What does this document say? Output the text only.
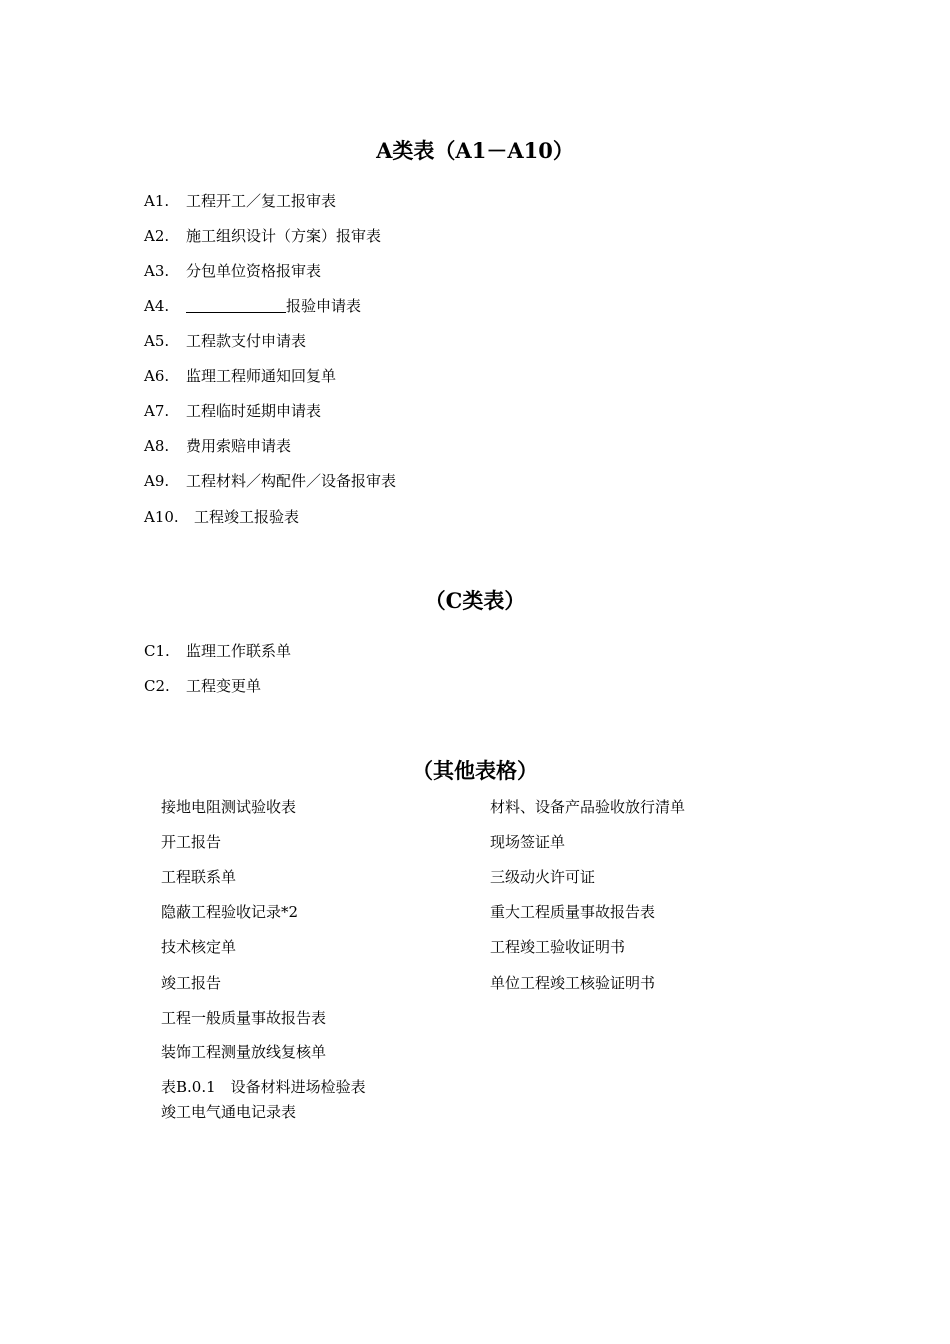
A类表（A1－A10）
A1. 工程开工／复工报审表
A2. 施工组织设计（方案）报审表
A3. 分包单位资格报审表
A4.	报验申请表
A5. 工程款支付申请表
A6. 监理工程师通知回复单
A7. 工程临时延期申请表
A8. 费用索赔申请表
A9. 工程材料／构配件／设备报审表
A10. 工程竣工报验表
（C类表）
C1. 监理工作联系单
C2. 工程变更单
（其他表格）
接地电阻测试验收表
开工报告
工程联系单
隐蔽工程验收记录*2
技术核定单
竣工报告
工程一般质量事故报告表
装饰工程测量放线复核单
表B.0.1　设备材料进场检验表
竣工电气通电记录表
材料、设备产品验收放行清单
现场签证单
三级动火许可证
重大工程质量事故报告表
工程竣工验收证明书
单位工程竣工核验证明书
